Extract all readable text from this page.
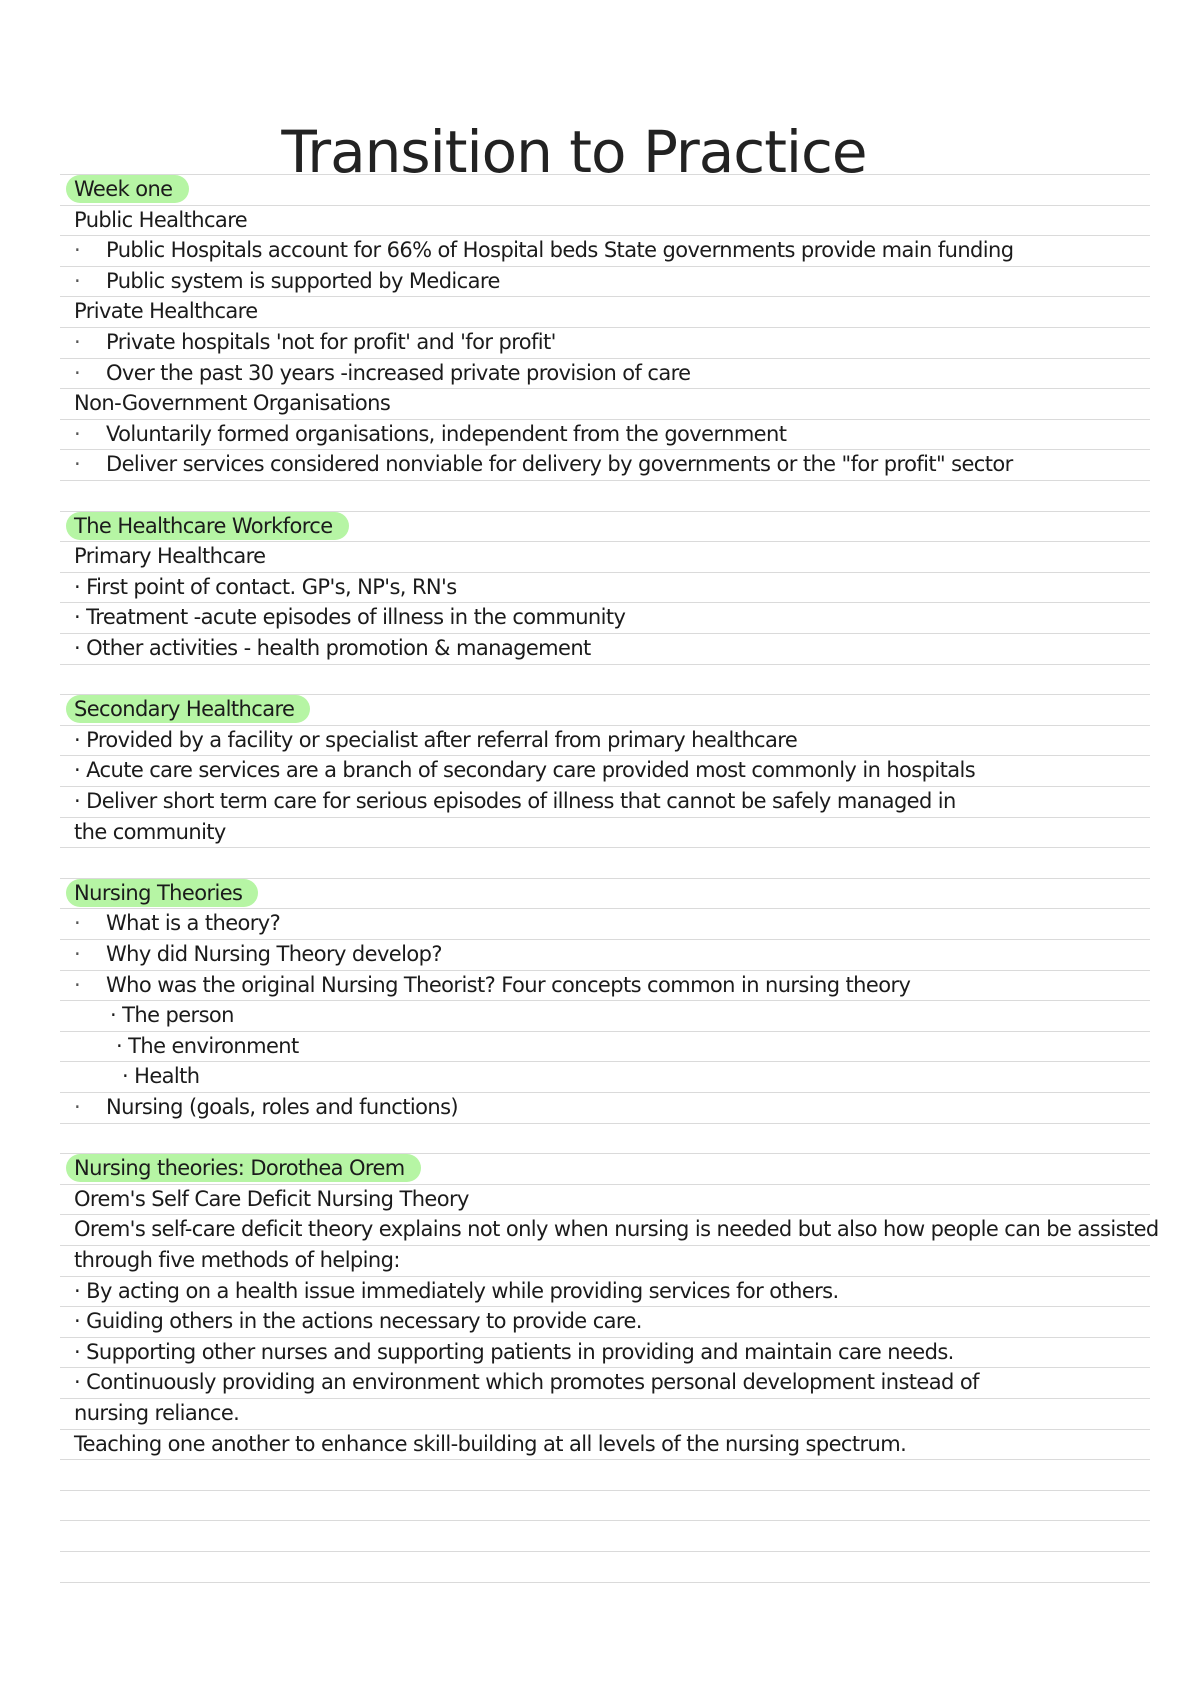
Transition to Practice
Week one
Public Healthcare
· Public Hospitals account for 66% of Hospital beds State governments provide main funding
· Public system is supported by Medicare
Private Healthcare
· Private hospitals 'not for profit' and 'for profit'
· Over the past 30 years -increased private provision of care
Non-Government Organisations
· Voluntarily formed organisations, independent from the government
· Deliver services considered nonviable for delivery by governments or the "for profit" sector
The Healthcare Workforce
Primary Healthcare
· First point of contact. GP's, NP's, RN's
· Treatment -acute episodes of illness in the community
· Other activities - health promotion & management
Secondary Healthcare
· Provided by a facility or specialist after referral from primary healthcare
· Acute care services are a branch of secondary care provided most commonly in hospitals
· Deliver short term care for serious episodes of illness that cannot be safely managed in
the community
Nursing Theories
· What is a theory?
· Why did Nursing Theory develop?
· Who was the original Nursing Theorist? Four concepts common in nursing theory
· The person
· The environment
· Health
· Nursing (goals, roles and functions)
Nursing theories: Dorothea Orem
Orem's Self Care Deficit Nursing Theory
Orem's self-care deficit theory explains not only when nursing is needed but also how people can be assisted
through five methods of helping:
· By acting on a health issue immediately while providing services for others.
· Guiding others in the actions necessary to provide care.
· Supporting other nurses and supporting patients in providing and maintain care needs.
· Continuously providing an environment which promotes personal development instead of
nursing reliance.
Teaching one another to enhance skill-building at all levels of the nursing spectrum.
